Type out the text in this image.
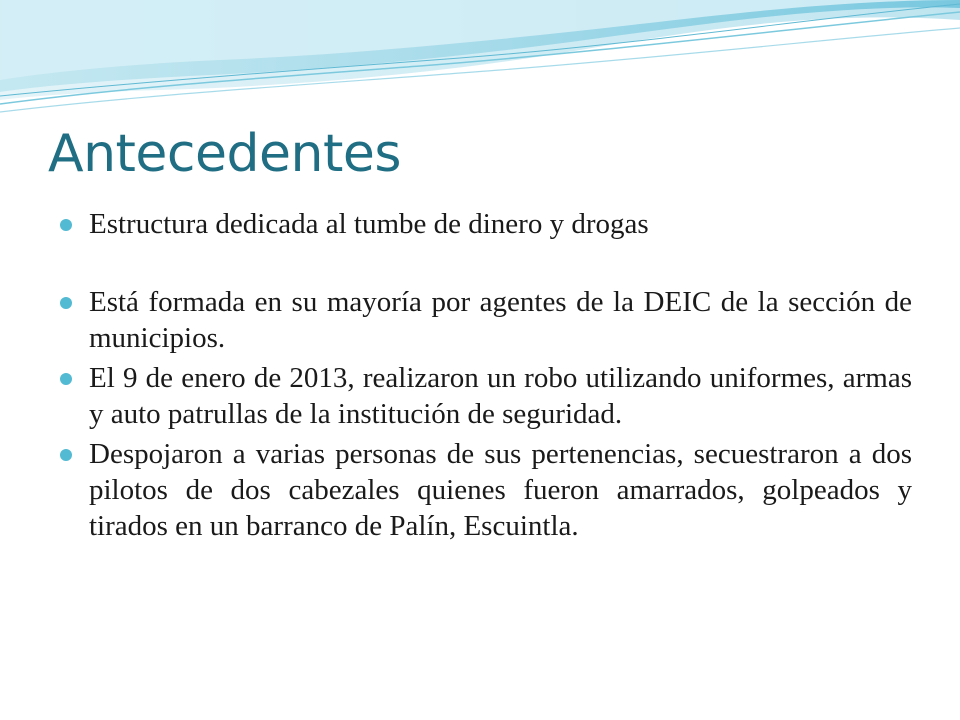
Antecedentes
Estructura dedicada al tumbe de dinero y drogas
Está formada en su mayoría por agentes de la DEIC de la sección de municipios.
El 9 de enero de 2013, realizaron un robo utilizando uniformes, armas y auto patrullas de la institución de seguridad.
Despojaron a varias personas de sus pertenencias, secuestraron a dos pilotos de dos cabezales quienes fueron amarrados, golpeados y tirados en un barranco de Palín, Escuintla.
